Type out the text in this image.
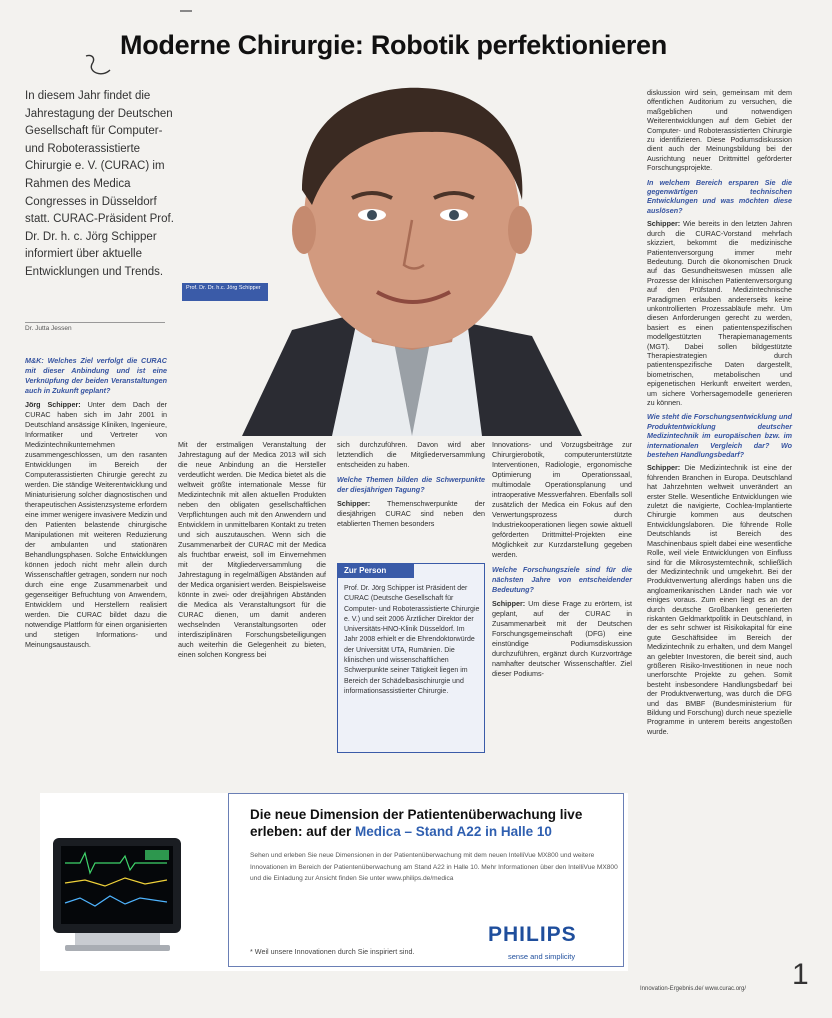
Moderne Chirurgie: Robotik perfektionieren
In diesem Jahr findet die Jahrestagung der Deutschen Gesellschaft für Computer- und Roboterassistierte Chirurgie e. V. (CURAC) im Rahmen des Medica Congresses in Düsseldorf statt. CURAC-Präsident Prof. Dr. Dr. h. c. Jörg Schipper informiert über aktuelle Entwicklungen und Trends.
Dr. Jutta Jessen
Prof. Dr. Dr. h.c. Jörg Schipper
M&K: Welches Ziel verfolgt die CURAC mit dieser Anbindung und ist eine Verknüpfung der beiden Veranstaltungen auch in Zukunft geplant?

Jörg Schipper: Unter dem Dach der CURAC haben sich im Jahr 2001 in Deutschland ansässige Kliniken, Ingenieure, Informatiker und Vertreter von Medizintechnikunternehmen zusammengeschlossen, um den rasanten Entwicklungen im Bereich der Computerassistierten Chirurgie gerecht zu werden. Die ständige Weiterentwicklung und Miniaturisierung solcher diagnostischen und therapeutischen Assistenzsysteme erfordern eine immer wenigere invasivere Medizin und den Patienten belastende chirurgische Manipulationen mit weiteren Reduzierung der ambulanten und stationären Behandlungsphasen. Solche Entwicklungen können jedoch nicht mehr allein durch Wissenschaftler getragen, sondern nur noch durch eine enge Zusammenarbeit und gegenseitiger Befruchtung von Anwendern, Entwicklern und Herstellern realisiert werden. Die CURAC bildet dazu die notwendige Plattform für einen organisierten und stetigen Informations- und Meinungsaustausch.

Mit der erstmaligen Veranstaltung der Jahrestagung auf der Medica 2013 will sich die neue Anbindung an die Hersteller verdeutlicht werden. Die Medica bietet als die weltweit größte internationale Messe für Medizintechnik mit allen aktuellen Produkten neben den obligaten gesellschaftlichen Verpflichtungen auch mit den Anwendern und Entwicklern in unmittelbaren Kontakt zu treten und sich auszutauschen. Wenn sich die Zusammenarbeit der CURAC mit der Medica als fruchtbar erweist, soll im Einvernehmen mit der Mitgliederversammlung die Jahrestagung in regelmäßigen Abständen auf der Medica organisiert werden. Beispielsweise könnte in zwei- oder dreijährigen Abständen die Medica als Veranstaltungsort für die CURAC dienen, um damit anderen wechselnden Veranstaltungsorten oder interdisziplinären Forschungsbeteiligungen auch weiterhin die Gelegenheit zu bieten, einen solchen Kongress bei

sich durchzuführen. Davon wird aber letztendlich die Mitgliederversammlung entscheiden zu haben.

Welche Themen bilden die Schwerpunkte der diesjährigen Tagung?

Schipper: Themenschwerpunkte der diesjährigen CURAC sind neben den etablierten Themen besonders

Zur Person
Prof. Dr. Jörg Schipper ist Präsident der CURAC (Deutsche Gesellschaft für Computer- und Roboterassistierte Chirurgie e. V.) und seit 2006 Ärztlicher Direktor der Universitäts-HNO-Klinik Düsseldorf. Im Jahr 2008 erhielt er die Ehrendoktorwürde der Universität UTA, Rumänien. Die klinischen und wissenschaftlichen Schwerpunkte seiner Tätigkeit liegen im Bereich der Schädelbasischirurgie und informationsassistierter Chirurgie.

Innovations- und Vorzugsbeiträge zur Chirurgierobotik, computerunterstützte Interventionen, Radiologie, ergonomische Optimierung im Operationssaal, multimodale Operationsplanung und intraoperative Messverfahren. Ebenfalls soll zusätzlich der Medica ein Fokus auf den Verwertungsprozess durch Industriekooperationen liegen sowie aktuell geförderten Drittmittel-Projekten eine Möglichkeit zur Kurzdarstellung gegeben werden.

Welche Forschungsziele sind für die nächsten Jahre von entscheidender Bedeutung?

Schipper: Um diese Frage zu erörtern, ist geplant, auf der CURAC in Zusammenarbeit mit der Deutschen Forschungsgemeinschaft (DFG) eine einstündige Podiumsdiskussion durchzuführen, ergänzt durch Kurzvorträge namhafter deutscher Wissenschaftler. Ziel dieser Podiums-

diskussion wird sein, gemeinsam mit dem öffentlichen Auditorium zu versuchen, die maßgeblichen und notwendigen Weiterentwicklungen auf dem Gebiet der Computer- und Roboterassistierten Chirurgie zu identifizieren. Diese Podiumsdiskussion dient auch der Meinungsbildung bei der Ausrichtung neuer Drittmittel geförderter Forschungsprojekte.

In welchem Bereich ersparen Sie die gegenwärtigen technischen Entwicklungen und was möchten diese auslösen?

Schipper: Wie bereits in den letzten Jahren durch die CURAC-Vorstand mehrfach skizziert, bekommt die medizinische Patientenversorgung immer mehr Bedeutung. Durch die ökonomischen Druck auf das Gesundheitswesen müssen alle Prozesse der klinischen Patientenversorgung auf den Prüfstand. Medizintechnische Paradigmen erlauben andererseits keine unkontrollierten Prozessabläufe mehr. Um diesen Anforderungen gerecht zu werden, basiert es einen patientenspezifischen modellgestützten Therapiemanagements (MGT). Dabei sollen bildgestützte Therapiestrategien durch patientenspezifische Daten dargestellt, biometrischen, metabolischen und epigenetischen Herkunft erweitert werden, um sichere Vorhersagemodelle generieren zu können.

Wie steht die Forschungsentwicklung und Produktentwicklung deutscher Medizintechnik im europäischen bzw. im internationalen Vergleich dar? Wo bestehen Handlungsbedarf?

Schipper: Die Medizintechnik ist eine der führenden Branchen in Europa. Deutschland hat Jahrzehnten weltweit unverändert an erster Stelle. Wesentliche Entwicklungen wie zuletzt die navigierte, Cochlea-Implantierte Chirurgie kommen aus deutschen Entwicklungslaboren. Die führende Rolle Deutschlands ist Bereich des Maschinenbaus spielt dabei eine wesentliche Rolle, weil viele Entwicklungen von Einfluss sind für die Mikrosystemtechnik, schließlich der Medizintechnik und umgekehrt. Bei der Produktverwertung allerdings haben uns die angloamerikanischen Länder nach wie vor einiges voraus. Zum einen liegt es an der durch deutsche Großbanken generierten riskanten Geldmarktpolitik in Deutschland, in der es sehr schwer ist Risikokapital für eine gute Geschäftsidee im Bereich der Medizintechnik zu erhalten, und dem Mangel an gelebter Investoren, die bereit sind, auch größeren Risiko-Investitionen in neue noch unerforschte Projekte zu gehen. Somit besteht insbesondere Handlungsbedarf bei der Produktverwertung, was durch die DFG und das BMBF (Bundesministerium für Bildung und Forschung) durch neue spezielle Programme in unterem bereits angestoßen wurde.

Die neue Dimension der Patientenüberwachung live erleben: auf der Medica – Stand A22 in Halle 10
Sehen und erleben Sie neue Dimensionen in der Patientenüberwachung mit dem neuen IntelliVue MX800 und weitere Innovationen im Bereich der Patientenüberwachung am Stand A22 in Halle 10. Mehr Informationen über den IntelliVue MX800 und die Einladung zur Ansicht finden Sie unter www.philips.de/medica
* Weil unsere Innovationen durch Sie inspiriert sind.
PHILIPS
sense and simplicity
Innovation-Ergebnis.de/ www.curac.org/	1
